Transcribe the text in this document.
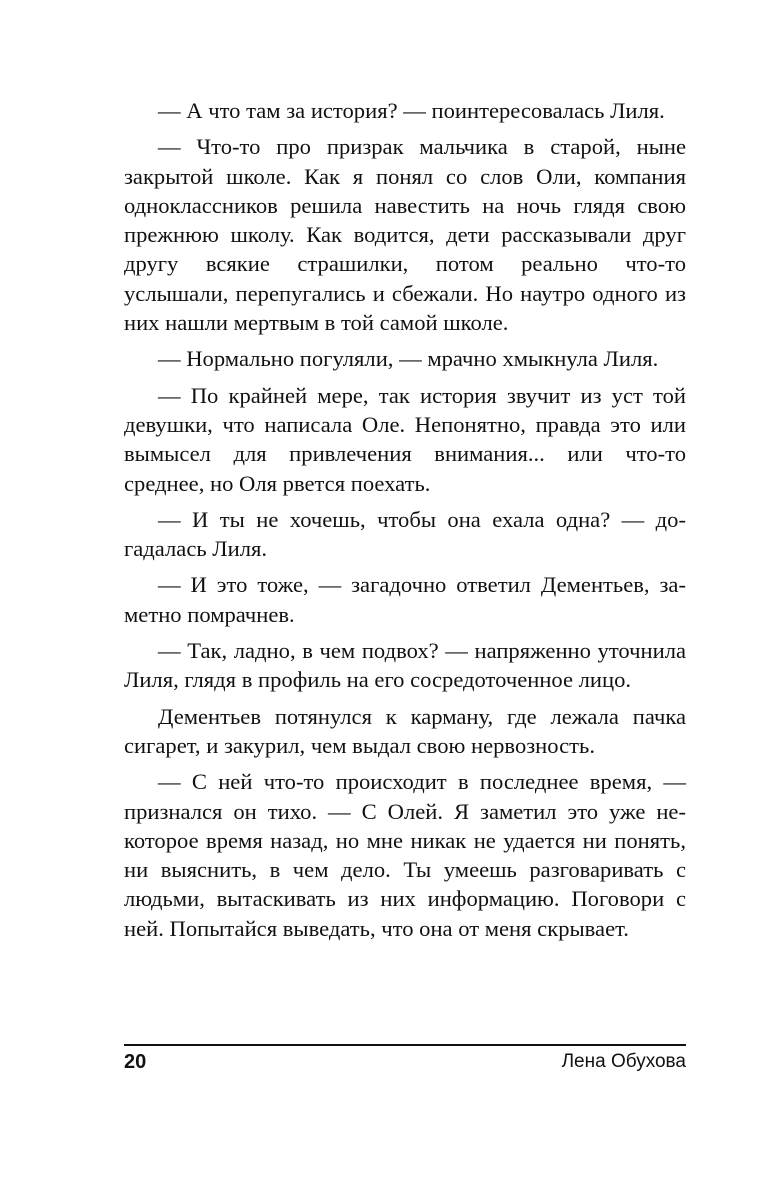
— А что там за история? — поинтересовалась Лиля.

— Что-то про призрак мальчика в старой, ныне закрытой школе. Как я понял со слов Оли, компания одноклассников решила навестить на ночь глядя свою прежнюю школу. Как водится, дети рассказывали друг другу всякие страшилки, потом реально что-то услышали, перепугались и сбежали. Но наутро одного из них нашли мертвым в той самой школе.

— Нормально погуляли, — мрачно хмыкнула Лиля.

— По крайней мере, так история звучит из уст той девушки, что написала Оле. Непонятно, правда это или вымысел для привлечения внимания... или что-то среднее, но Оля рвется поехать.

— И ты не хочешь, чтобы она ехала одна? — догадалась Лиля.

— И это тоже, — загадочно ответил Дементьев, заметно помрачнев.

— Так, ладно, в чем подвох? — напряженно уточнила Лиля, глядя в профиль на его сосредоточенное лицо.

Дементьев потянулся к карману, где лежала пачка сигарет, и закурил, чем выдал свою нервозность.

— С ней что-то происходит в последнее время, — признался он тихо. — С Олей. Я заметил это уже некоторое время назад, но мне никак не удается ни понять, ни выяснить, в чем дело. Ты умеешь разговаривать с людьми, вытаскивать из них информацию. Поговори с ней. Попытайся выведать, что она от меня скрывает.

20	Лена Обухова
